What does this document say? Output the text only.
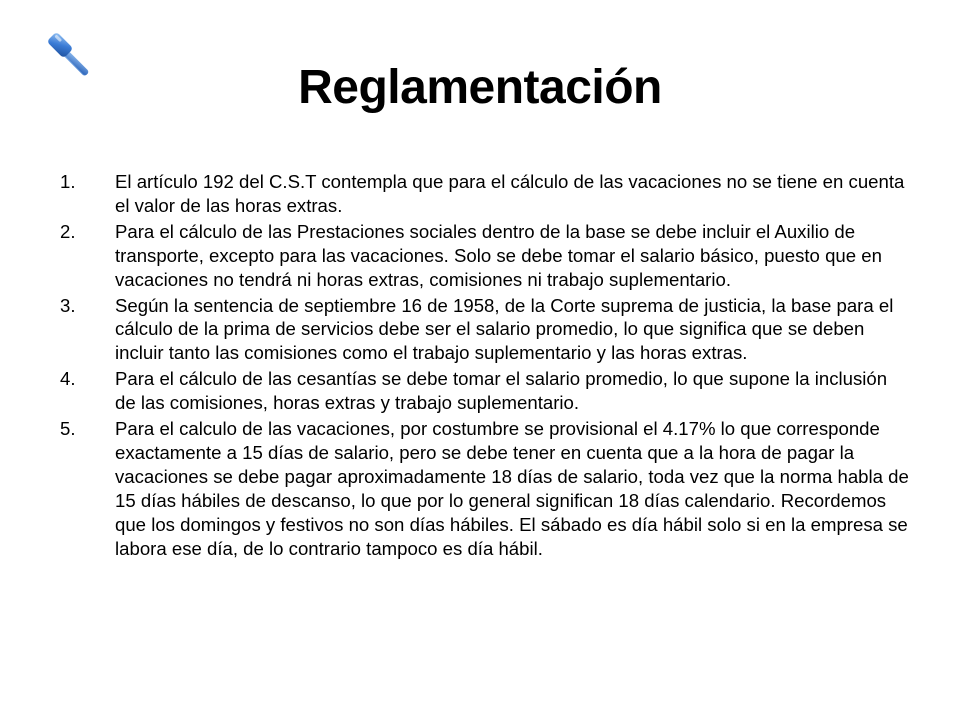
Reglamentación
1.	El artículo 192 del C.S.T contempla que para el cálculo de las vacaciones no se tiene en cuenta el valor de las horas extras.
2.	Para el cálculo de las Prestaciones sociales dentro de la base se debe incluir el Auxilio de transporte, excepto para las vacaciones. Solo se debe tomar el salario básico, puesto que en vacaciones no tendrá ni horas extras, comisiones ni trabajo suplementario.
3.	Según la sentencia de septiembre 16 de 1958, de la Corte suprema de justicia, la base para el cálculo de la prima de servicios debe ser el salario promedio, lo que significa que se deben incluir tanto las comisiones como el trabajo suplementario y las horas extras.
4.	Para el cálculo de las cesantías se debe tomar el salario promedio, lo que supone la inclusión de las comisiones, horas extras y trabajo suplementario.
5.	Para el calculo de las vacaciones, por costumbre se provisional el 4.17% lo que corresponde exactamente a 15 días de salario, pero se debe tener en cuenta que a la hora de pagar la vacaciones se debe pagar aproximadamente 18 días de salario, toda vez que la norma habla de 15 días hábiles de descanso, lo que por lo general significan 18 días calendario. Recordemos que los domingos y festivos no son días hábiles. El sábado es día hábil solo si en la empresa se labora ese día, de lo contrario tampoco es día hábil.
